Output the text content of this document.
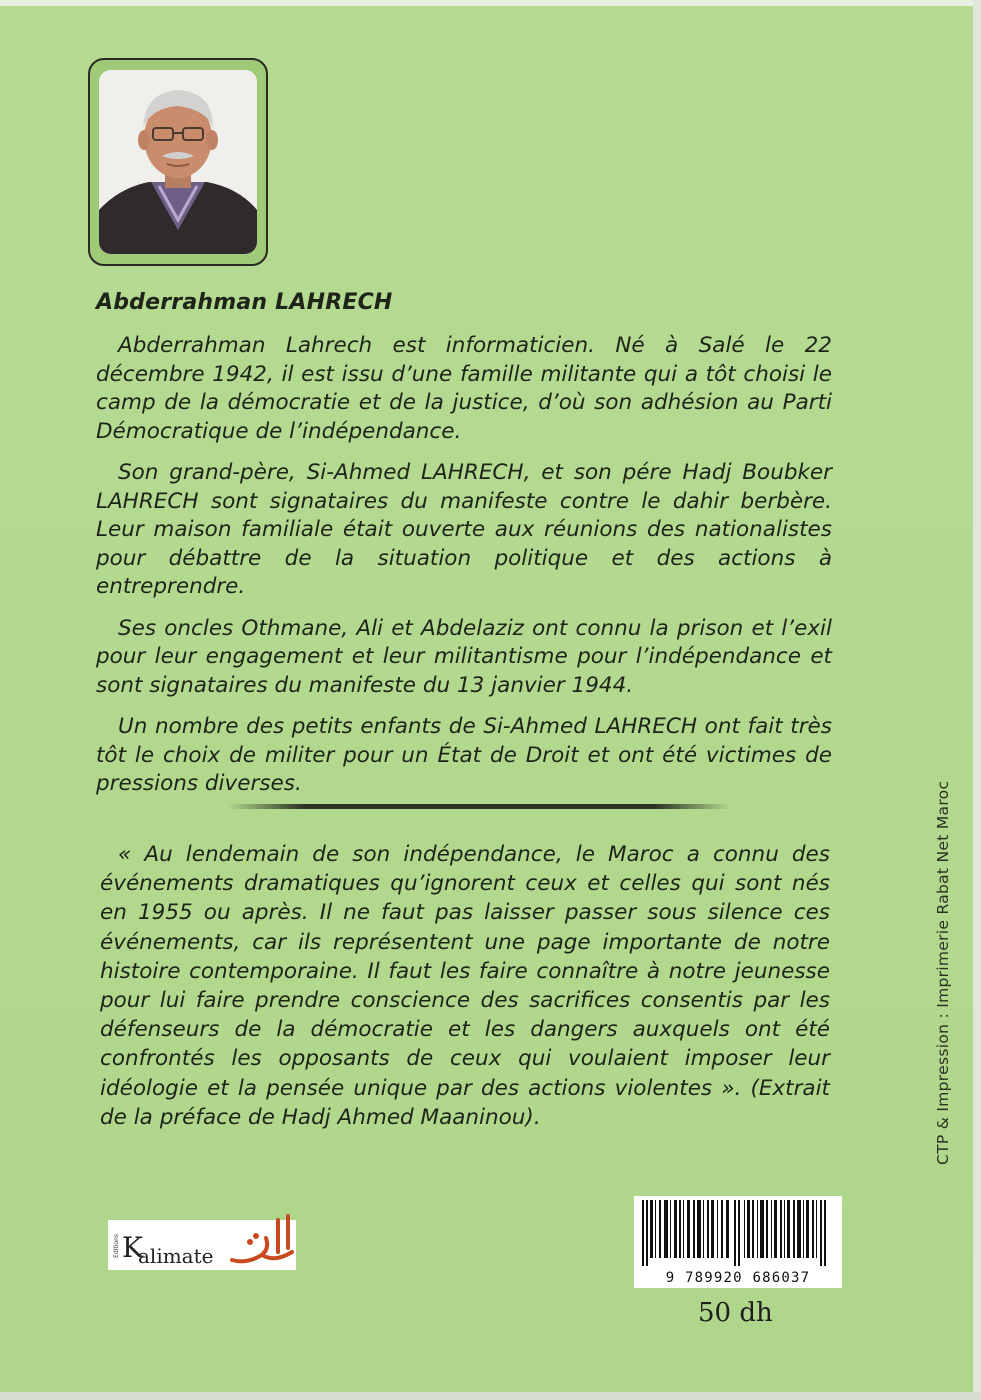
Abderrahman LAHRECH

Abderrahman Lahrech est informaticien. Né à Salé le 22 décembre 1942, il est issu d’une famille militante qui a tôt choisi le camp de la démocratie et de la justice, d’où son adhésion au Parti Démocratique de l’indépendance.

Son grand-père, Si-Ahmed LAHRECH, et son pére Hadj Boubker LAHRECH sont signataires du manifeste contre le dahir berbère. Leur maison familiale était ouverte aux réunions des nationalistes pour débattre de la situation politique et des actions à entreprendre.

Ses oncles Othmane, Ali et Abdelaziz ont connu la prison et l’exil pour leur engagement et leur militantisme pour l’indépendance et sont signataires du manifeste du 13 janvier 1944.

Un nombre des petits enfants de Si-Ahmed LAHRECH ont fait très tôt le choix de militer pour un État de Droit et ont été victimes de pressions diverses.

« Au lendemain de son indépendance, le Maroc a connu des événements dramatiques qu’ignorent ceux et celles qui sont nés en 1955 ou après. Il ne faut pas laisser passer sous silence ces événements, car ils représentent une page importante de notre histoire contemporaine. Il faut les faire connaître à notre jeunesse pour lui faire prendre conscience des sacrifices consentis par les défenseurs de la démocratie et les dangers auxquels ont été confrontés les opposants de ceux qui voulaient imposer leur idéologie et la pensée unique par des actions violentes ». (Extrait de la préface de Hadj Ahmed Maaninou).	CTP & Impression : Imprimerie Rabat Net Maroc
Editions K
alimate
9 789920 686037
50 dh
